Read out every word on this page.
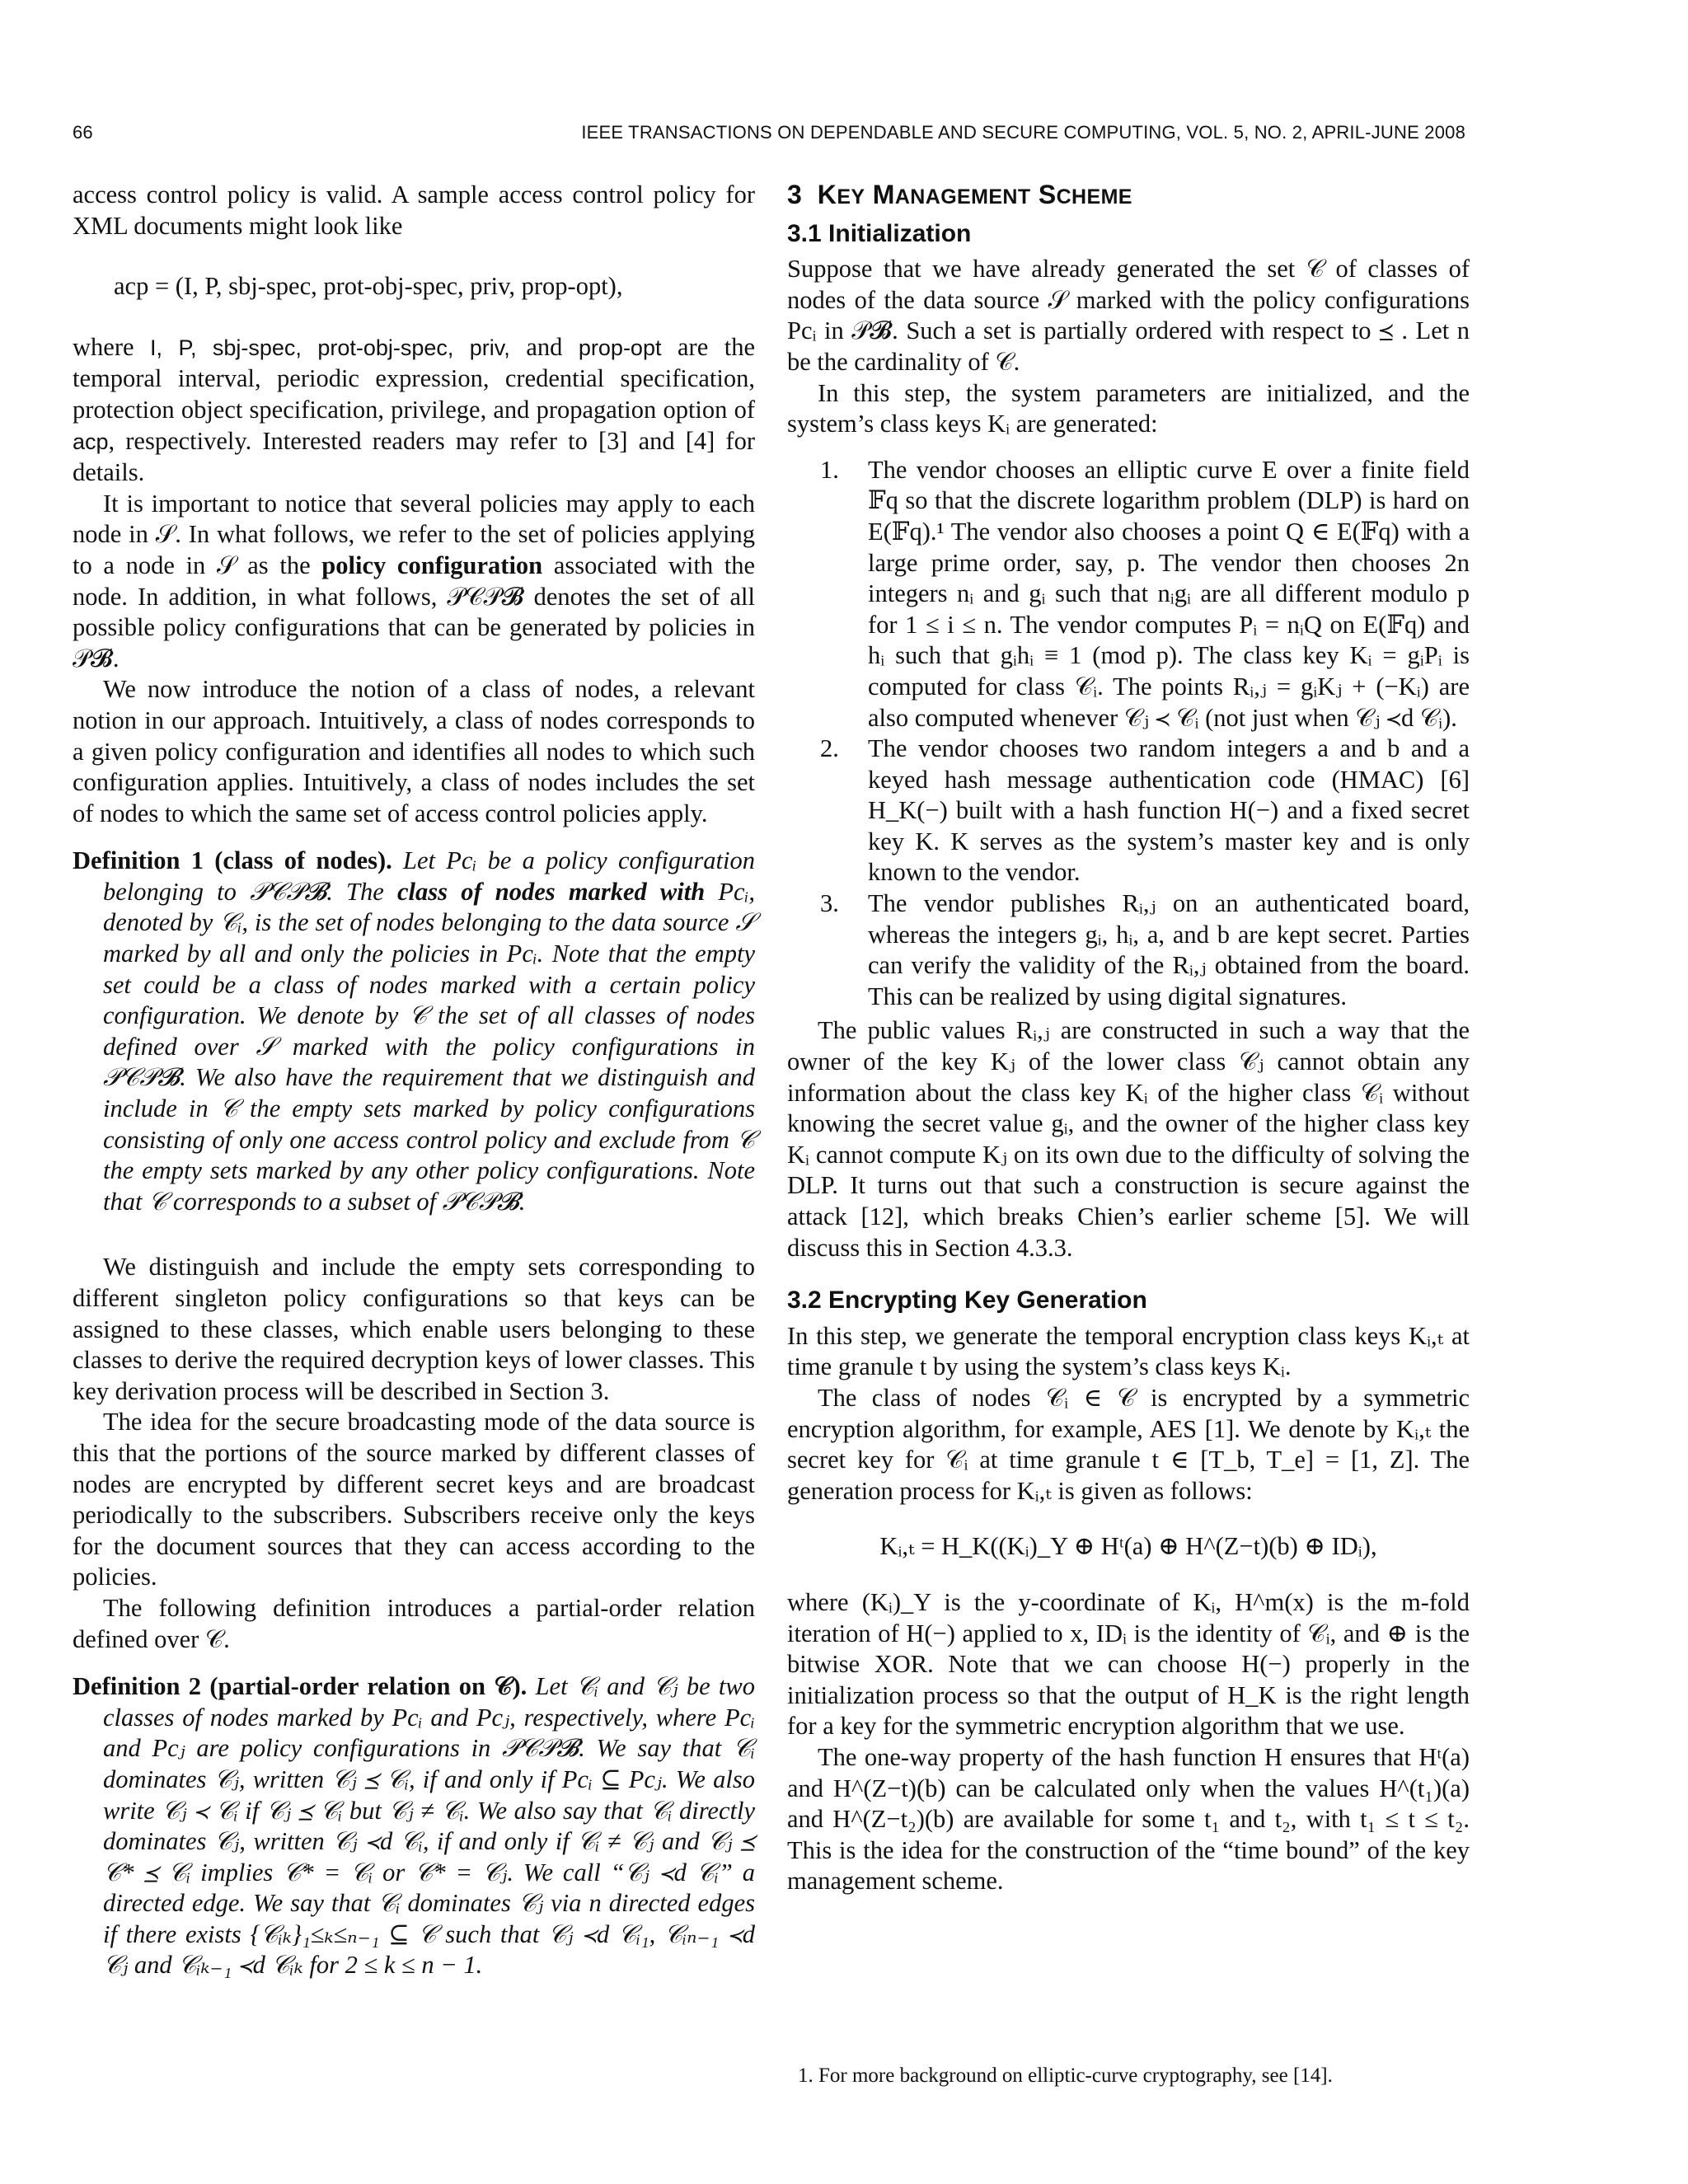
66	IEEE TRANSACTIONS ON DEPENDABLE AND SECURE COMPUTING, VOL. 5, NO. 2, APRIL-JUNE 2008

access control policy is valid. A sample access control policy for XML documents might look like

acp = (I, P, sbj-spec, prot-obj-spec, priv, prop-opt),

where I, P, sbj-spec, prot-obj-spec, priv, and prop-opt are the temporal interval, periodic expression, credential specification, protection object specification, privilege, and propagation option of acp, respectively. Interested readers may refer to [3] and [4] for details.

It is important to notice that several policies may apply to each node in 𝒮. In what follows, we refer to the set of policies applying to a node in 𝒮 as the policy configuration associated with the node. In addition, in what follows, 𝒫𝒞𝒫𝓑 denotes the set of all possible policy configurations that can be generated by policies in 𝒫𝓑.

We now introduce the notion of a class of nodes, a relevant notion in our approach. Intuitively, a class of nodes corresponds to a given policy configuration and identifies all nodes to which such configuration applies. Intuitively, a class of nodes includes the set of nodes to which the same set of access control policies apply.

Definition 1 (class of nodes). Let Pcᵢ be a policy configuration belonging to 𝒫𝒞𝒫𝓑. The class of nodes marked with Pcᵢ, denoted by 𝒞ᵢ, is the set of nodes belonging to the data source 𝒮 marked by all and only the policies in Pcᵢ. Note that the empty set could be a class of nodes marked with a certain policy configuration. We denote by 𝒞 the set of all classes of nodes defined over 𝒮 marked with the policy configurations in 𝒫𝒞𝒫𝓑. We also have the requirement that we distinguish and include in 𝒞 the empty sets marked by policy configurations consisting of only one access control policy and exclude from 𝒞 the empty sets marked by any other policy configurations. Note that 𝒞 corresponds to a subset of 𝒫𝒞𝒫𝓑.

We distinguish and include the empty sets corresponding to different singleton policy configurations so that keys can be assigned to these classes, which enable users belonging to these classes to derive the required decryption keys of lower classes. This key derivation process will be described in Section 3.

The idea for the secure broadcasting mode of the data source is this that the portions of the source marked by different classes of nodes are encrypted by different secret keys and are broadcast periodically to the subscribers. Subscribers receive only the keys for the document sources that they can access according to the policies.

The following definition introduces a partial-order relation defined over 𝒞.

Definition 2 (partial-order relation on 𝒞). Let 𝒞ᵢ and 𝒞ⱼ be two classes of nodes marked by Pcᵢ and Pcⱼ, respectively, where Pcᵢ and Pcⱼ are policy configurations in 𝒫𝒞𝒫𝓑. We say that 𝒞ᵢ dominates 𝒞ⱼ, written 𝒞ⱼ ⪯ 𝒞ᵢ, if and only if Pcᵢ ⊆ Pcⱼ. We also write 𝒞ⱼ ≺ 𝒞ᵢ if 𝒞ⱼ ⪯ 𝒞ᵢ but 𝒞ⱼ ≠ 𝒞ᵢ. We also say that 𝒞ᵢ directly dominates 𝒞ⱼ, written 𝒞ⱼ ≺d 𝒞ᵢ, if and only if 𝒞ᵢ ≠ 𝒞ⱼ and 𝒞ⱼ ⪯ 𝒞* ⪯ 𝒞ᵢ implies 𝒞* = 𝒞ᵢ or 𝒞* = 𝒞ⱼ. We call “𝒞ⱼ ≺d 𝒞ᵢ” a directed edge. We say that 𝒞ᵢ dominates 𝒞ⱼ via n directed edges if there exists {𝒞ᵢₖ}₁≤ₖ≤ₙ₋₁ ⊆ 𝒞 such that 𝒞ⱼ ≺d 𝒞ᵢ₁, 𝒞ᵢₙ₋₁ ≺d 𝒞ⱼ and 𝒞ᵢₖ₋₁ ≺d 𝒞ᵢₖ for 2 ≤ k ≤ n − 1.

3 KEY MANAGEMENT SCHEME
3.1 Initialization

Suppose that we have already generated the set 𝒞 of classes of nodes of the data source 𝒮 marked with the policy configurations Pcᵢ in 𝒫𝓑. Such a set is partially ordered with respect to ⪯ . Let n be the cardinality of 𝒞.

In this step, the system parameters are initialized, and the system’s class keys Kᵢ are generated:

1. The vendor chooses an elliptic curve E over a finite field 𝔽q so that the discrete logarithm problem (DLP) is hard on E(𝔽q).¹ The vendor also chooses a point Q ∈ E(𝔽q) with a large prime order, say, p. The vendor then chooses 2n integers nᵢ and gᵢ such that nᵢgᵢ are all different modulo p for 1 ≤ i ≤ n. The vendor computes Pᵢ = nᵢQ on E(𝔽q) and hᵢ such that gᵢhᵢ ≡ 1 (mod p). The class key Kᵢ = gᵢPᵢ is computed for class 𝒞ᵢ. The points Rᵢ,ⱼ = gᵢKⱼ + (−Kᵢ) are also computed whenever 𝒞ⱼ ≺ 𝒞ᵢ (not just when 𝒞ⱼ ≺d 𝒞ᵢ).
2. The vendor chooses two random integers a and b and a keyed hash message authentication code (HMAC) [6] H_K(−) built with a hash function H(−) and a fixed secret key K. K serves as the system’s master key and is only known to the vendor.
3. The vendor publishes Rᵢ,ⱼ on an authenticated board, whereas the integers gᵢ, hᵢ, a, and b are kept secret. Parties can verify the validity of the Rᵢ,ⱼ obtained from the board. This can be realized by using digital signatures.

The public values Rᵢ,ⱼ are constructed in such a way that the owner of the key Kⱼ of the lower class 𝒞ⱼ cannot obtain any information about the class key Kᵢ of the higher class 𝒞ᵢ without knowing the secret value gᵢ, and the owner of the higher class key Kᵢ cannot compute Kⱼ on its own due to the difficulty of solving the DLP. It turns out that such a construction is secure against the attack [12], which breaks Chien’s earlier scheme [5]. We will discuss this in Section 4.3.3.

3.2 Encrypting Key Generation

In this step, we generate the temporal encryption class keys Kᵢ,ₜ at time granule t by using the system’s class keys Kᵢ.

The class of nodes 𝒞ᵢ ∈ 𝒞 is encrypted by a symmetric encryption algorithm, for example, AES [1]. We denote by Kᵢ,ₜ the secret key for 𝒞ᵢ at time granule t ∈ [T_b, T_e] = [1, Z]. The generation process for Kᵢ,ₜ is given as follows:

Kᵢ,ₜ = H_K((Kᵢ)_Y ⊕ Hᵗ(a) ⊕ H^(Z−t)(b) ⊕ IDᵢ),

where (Kᵢ)_Y is the y-coordinate of Kᵢ, H^m(x) is the m-fold iteration of H(−) applied to x, IDᵢ is the identity of 𝒞ᵢ, and ⊕ is the bitwise XOR. Note that we can choose H(−) properly in the initialization process so that the output of H_K is the right length for a key for the symmetric encryption algorithm that we use.

The one-way property of the hash function H ensures that Hᵗ(a) and H^(Z−t)(b) can be calculated only when the values H^(t₁)(a) and H^(Z−t₂)(b) are available for some t₁ and t₂, with t₁ ≤ t ≤ t₂. This is the idea for the construction of the “time bound” of the key management scheme.

1. For more background on elliptic-curve cryptography, see [14].
